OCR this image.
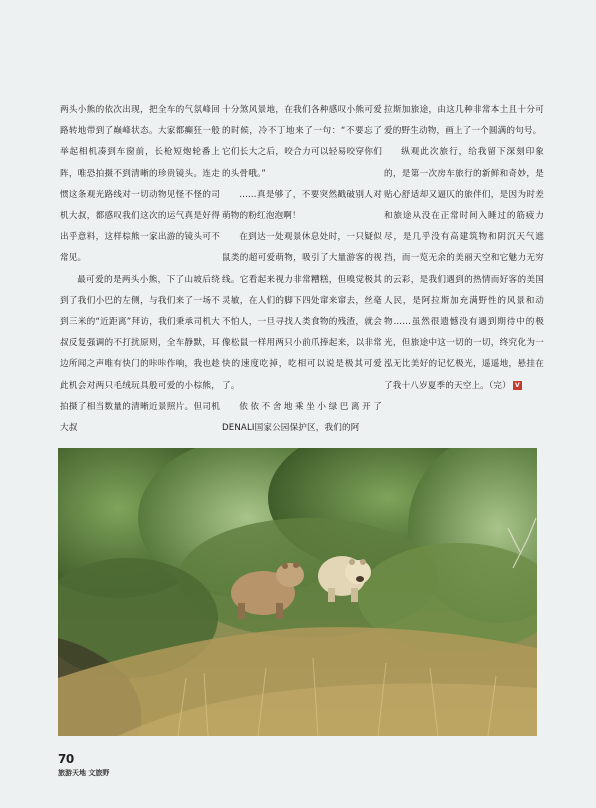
两头小熊的依次出现，把全车的气氛峰回路转地带到了巅峰状态。大家都癫狂一般举起相机凑到车窗前，长枪短炮轮番上阵，唯恐拍摄不到清晰的珍贵镜头。连走惯这条观光路线对一切动物见怪不怪的司机大叔，都感叹我们这次的运气真是好得出乎意料，这样棕熊一家出游的镜头可不常见。

最可爱的是两头小熊，下了山坡后绕到了我们小巴的左侧，与我们来了一场不到三米的“近距离”拜访，我们秉承司机大叔反复强调的不打扰原则，全车静默，耳边所闻之声唯有快门的咔咔作响，我也趁此机会对两只毛绒玩具般可爱的小棕熊，拍摄了相当数量的清晰近景照片。但司机大叔

十分煞风景地，在我们各种感叹小熊可爱的时候，冷不丁地来了一句：“不要忘了它们长大之后，咬合力可以轻易咬穿你们的头骨哦。”

……真是够了，不要突然戳破别人对萌物的粉红泡泡啊！

在到达一处观景休息处时，一只疑似鼠类的超可爱萌物，吸引了大量游客的视线。它看起来视力非常糟糕，但嗅觉极其灵敏，在人们的脚下四处窜来窜去，丝毫不怕人，一旦寻找人类食物的残渣，就会像松鼠一样用两只小前爪捧起来，以非常快的速度吃掉，吃相可以说是极其可爱了。

依依不舍地乘坐小绿巴离开了DENALI国家公园保护区，我们的阿

拉斯加旅途，由这几种非常本土且十分可爱的野生动物，画上了一个圆满的句号。

纵观此次旅行，给我留下深刻印象的，是第一次房车旅行的新鲜和奇妙，是贴心舒适却又逼仄的旅伴们，是因为时差和旅途从没在正常时间入睡过的筋疲力尽，是几乎没有高建筑物和阴沉天气遮挡，而一览无余的美丽天空和它魅力无穷的云彩，是我们遇到的热情而好客的美国人民，是阿拉斯加充满野性的风景和动物……虽然很遗憾没有遇到期待中的极光，但旅途中这一切的一切，终究化为一泓无比美好的记忆极光，遥遥地，悬挂在了我十八岁夏季的天空上。（完） V

70
旅游天地 文旅野
